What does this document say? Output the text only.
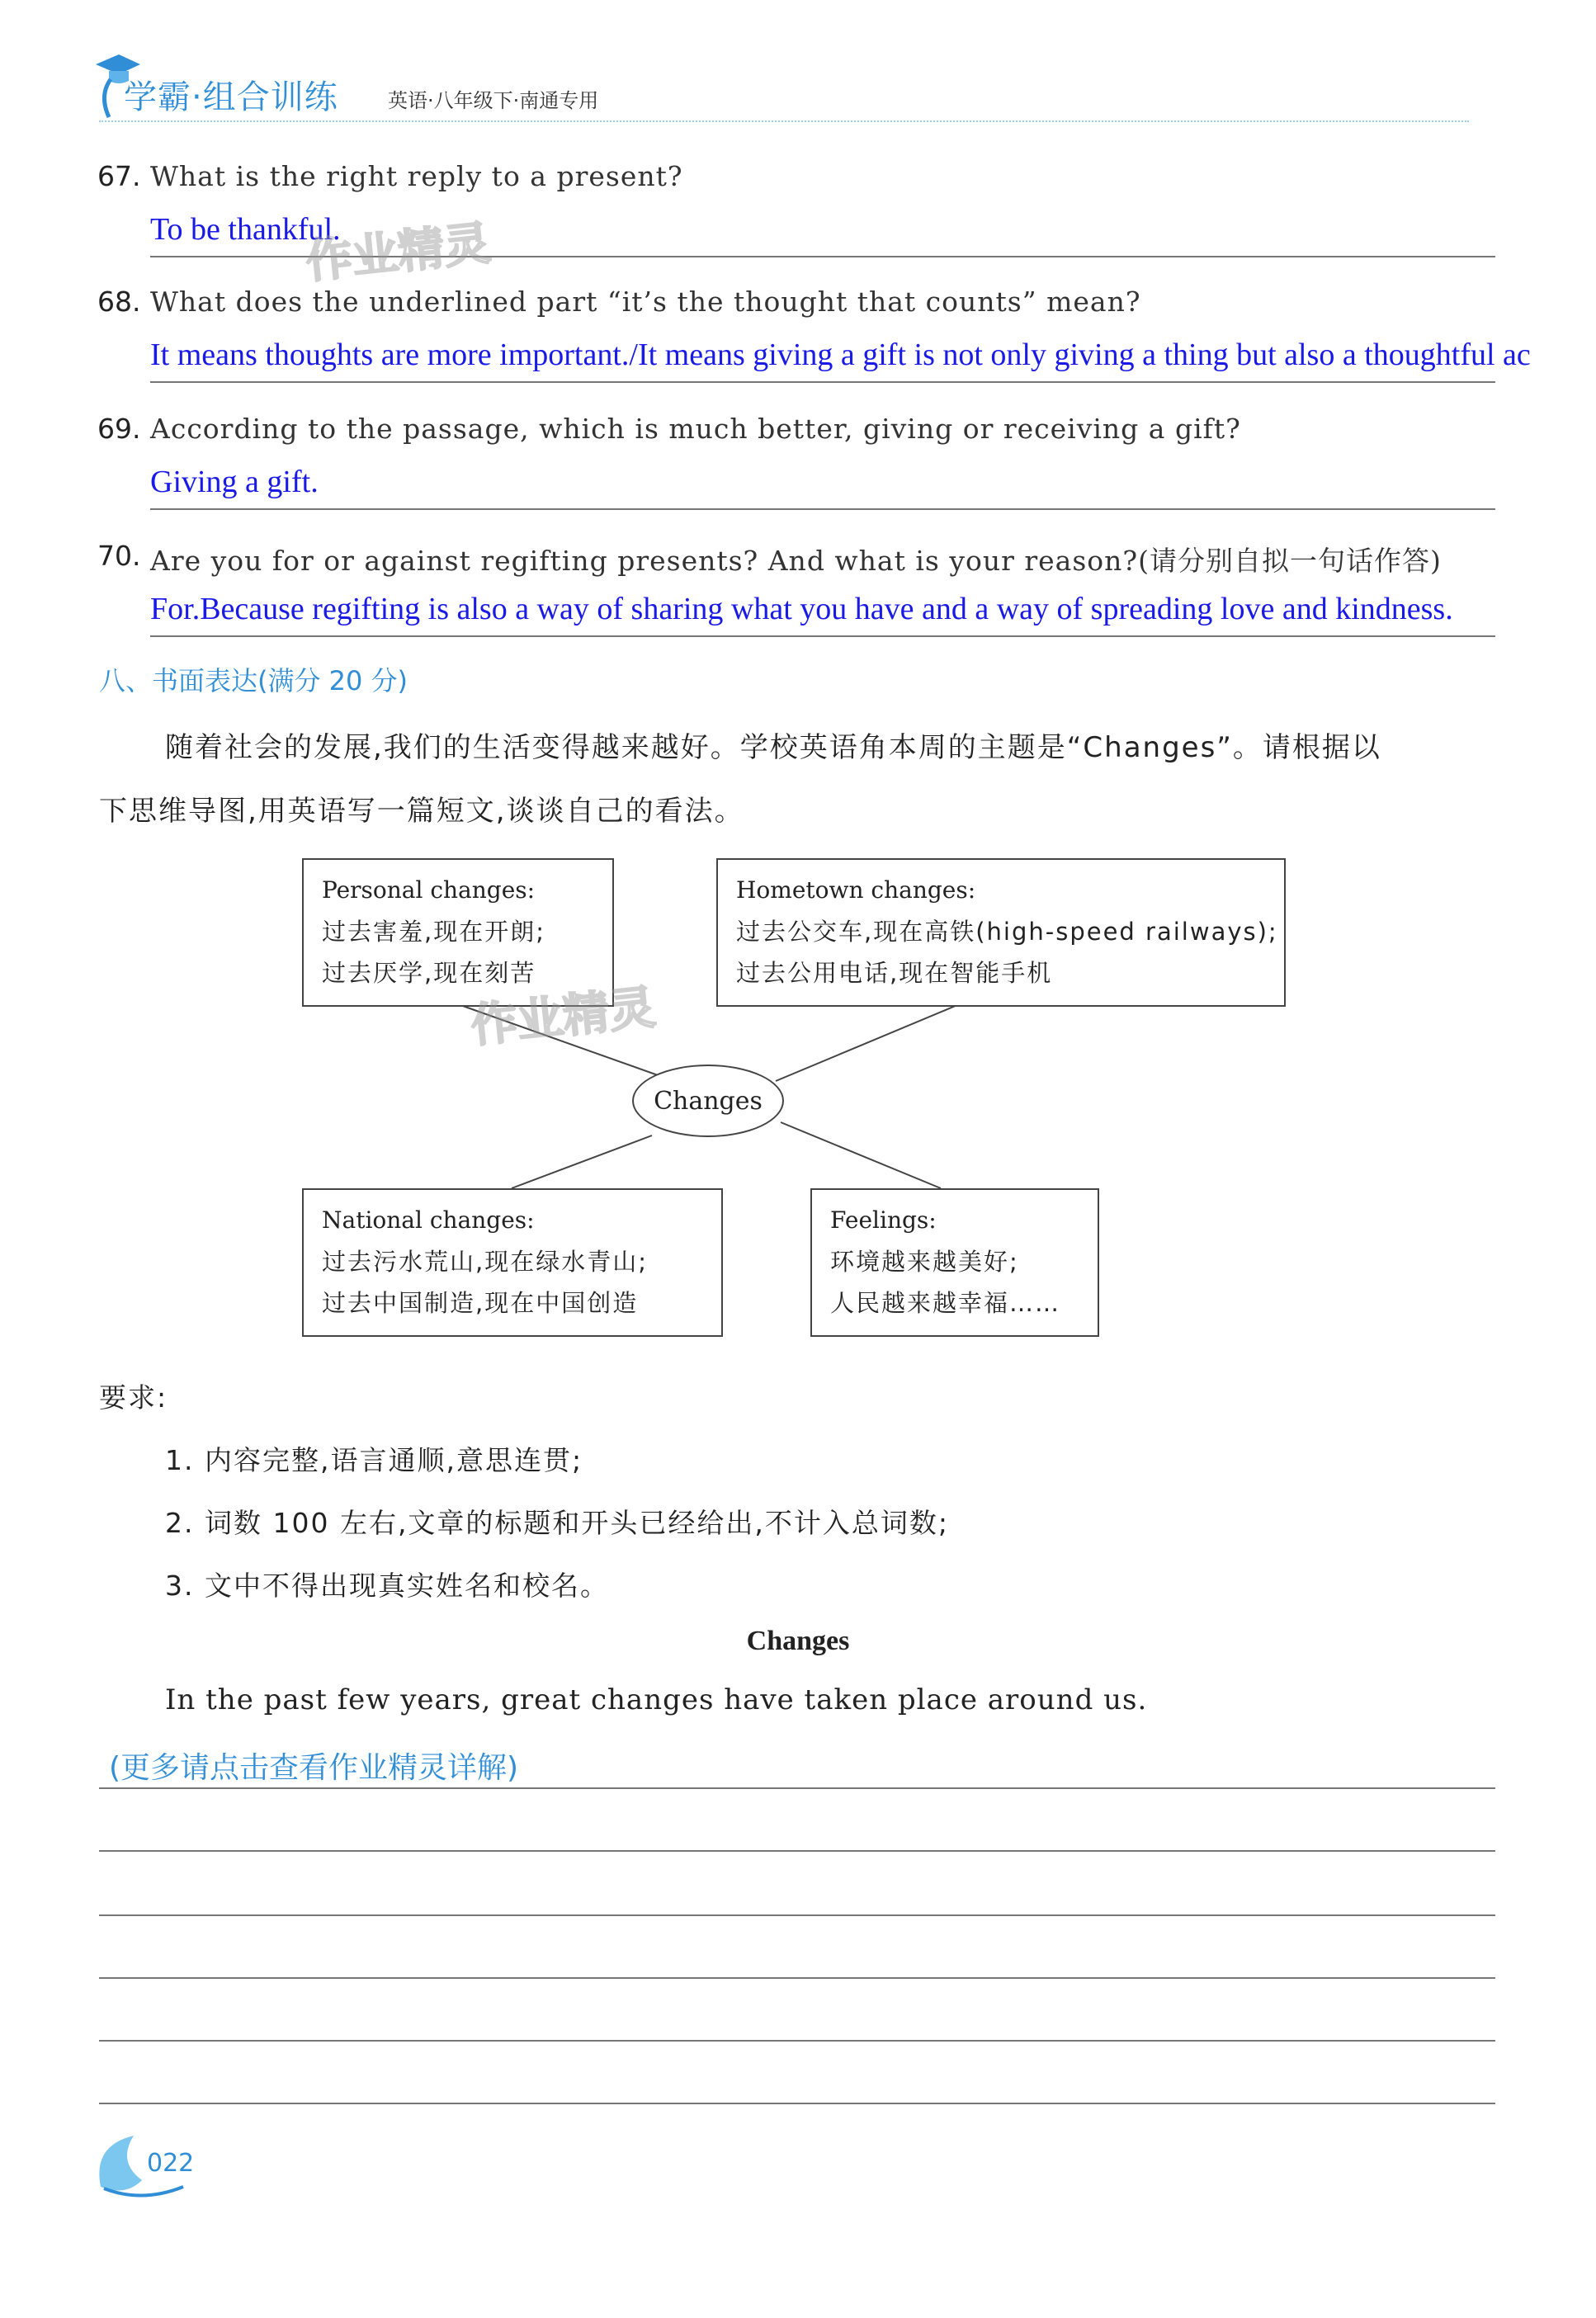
学霸·组合训练	英语·八年级下·南通专用
67. What is the right reply to a present?
To be thankful.
68. What does the underlined part “it’s the thought that counts” mean?
It means thoughts are more important./It means giving a gift is not only giving a thing but also a thoughtful ac
69. According to the passage, which is much better, giving or receiving a gift?
Giving a gift.
70. Are you for or against regifting presents? And what is your reason?(请分别自拟一句话作答)
For.Because regifting is also a way of sharing what you have and a way of spreading love and kindness.
八、书面表达(满分 20 分)
随着社会的发展,我们的生活变得越来越好。学校英语角本周的主题是“Changes”。请根据以
下思维导图,用英语写一篇短文,谈谈自己的看法。
Personal changes:
过去害羞,现在开朗;
过去厌学,现在刻苦
Hometown changes:
过去公交车,现在高铁(high-speed railways);
过去公用电话,现在智能手机
Changes
National changes:
过去污水荒山,现在绿水青山;
过去中国制造,现在中国创造
Feelings:
环境越来越美好;
人民越来越幸福……
作业精灵
作业精灵
要求:
1. 内容完整,语言通顺,意思连贯;
2. 词数 100 左右,文章的标题和开头已经给出,不计入总词数;
3. 文中不得出现真实姓名和校名。
Changes
In the past few years, great changes have taken place around us.
(更多请点击查看作业精灵详解)
022
